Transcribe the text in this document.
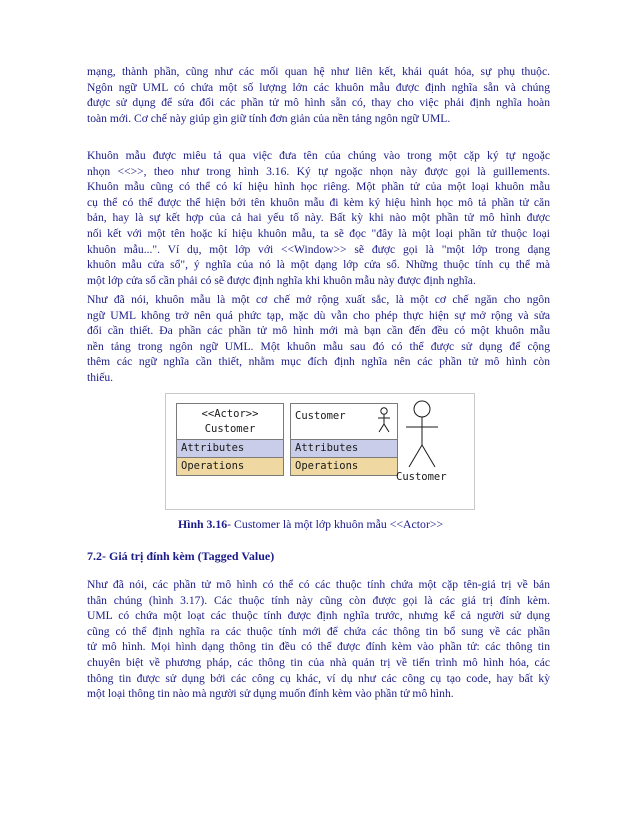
mạng, thành phần, cũng như các mối quan hệ như liên kết, khái quát hóa, sự phụ thuộc.
Ngôn ngữ UML có chứa một số lượng lớn các khuôn mẫu được định nghĩa sẵn và chúng
được sử dụng để sửa đổi các phần tử mô hình sẵn có, thay cho việc phải định nghĩa hoàn
toàn mới. Cơ chế này giúp gìn giữ tính đơn giản của nền tảng ngôn ngữ UML.
Khuôn mẫu được miêu tả qua việc đưa tên của chúng vào trong một cặp ký tự ngoặc
nhọn <<>>, theo như trong hình 3.16. Ký tự ngoặc nhọn này được gọi là guillements.
Khuôn mẫu cũng có thể có kí hiệu hình học riêng. Một phần tử của một loại khuôn mẫu
cụ thể có thể được thể hiện bởi tên khuôn mẫu đi kèm ký hiệu hình học mô tả phần tử căn
bản, hay là sự kết hợp của cả hai yếu tố này. Bất kỳ khi nào một phần tử mô hình được
nối kết với một tên hoặc kí hiệu khuôn mẫu, ta sẽ đọc "đây là một loại phần tử thuộc loại
khuôn mẫu...". Ví dụ, một lớp với <<Window>> sẽ được gọi là "một lớp trong dạng
khuôn mẫu cửa sổ", ý nghĩa của nó là một dạng lớp cửa sổ. Những thuộc tính cụ thể mà
một lớp cửa sổ cần phải có sẽ được định nghĩa khi khuôn mẫu này được định nghĩa.
Như đã nói, khuôn mẫu là một cơ chế mở rộng xuất sắc, là một cơ chế ngăn cho ngôn
ngữ UML không trở nên quá phức tạp, mặc dù vẫn cho phép thực hiện sự mở rộng và sửa
đổi cần thiết. Đa phần các phần tử mô hình mới mà bạn cần đến đều có một khuôn mẫu
nền tảng trong ngôn ngữ UML. Một khuôn mẫu sau đó có thể được sử dụng để cộng
thêm các ngữ nghĩa cần thiết, nhằm mục đích định nghĩa nên các phần tử mô hình còn
thiếu.
<<Actor>>
Customer
Attributes
Operations
Customer
Attributes
Operations
Customer
Hình 3.16- Customer là một lớp khuôn mẫu <<Actor>>
7.2- Giá trị đính kèm (Tagged Value)
Như đã nói, các phần tử mô hình có thể có các thuộc tính chứa một cặp tên-giá trị về bản
thân chúng (hình 3.17). Các thuộc tính này cũng còn được gọi là các giá trị đính kèm.
UML có chứa một loạt các thuộc tính được định nghĩa trước, nhưng kể cả người sử dụng
cũng có thể định nghĩa ra các thuộc tính mới để chứa các thông tin bổ sung về các phần
tử mô hình. Mọi hình dạng thông tin đều có thể được đính kèm vào phần tử: các thông tin
chuyên biệt về phương pháp, các thông tin của nhà quản trị về tiến trình mô hình hóa, các
thông tin được sử dụng bởi các công cụ khác, ví dụ như các công cụ tạo code, hay bất kỳ
một loại thông tin nào mà người sử dụng muốn đính kèm vào phần tử mô hình.
